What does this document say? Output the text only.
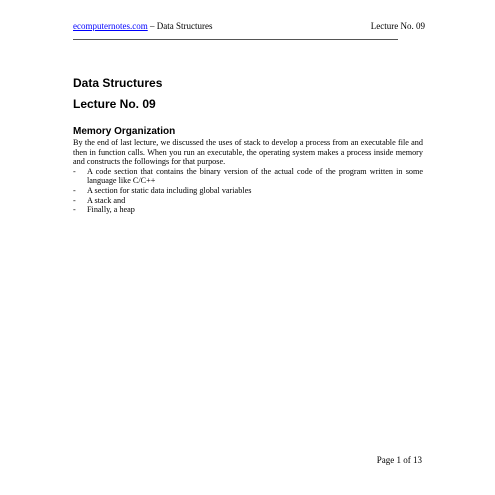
ecomputernotes.com – Data Structures	Lecture No. 09
Data Structures
Lecture No. 09
Memory Organization

By the end of last lecture, we discussed the uses of stack to develop a process from an executable file and then in function calls. When you run an executable, the operating system makes a process inside memory and constructs the followings for that purpose.

- A code section that contains the binary version of the actual code of the program written in some language like C/C++
- A section for static data including global variables
- A stack and
- Finally, a heap
Page 1 of 13
